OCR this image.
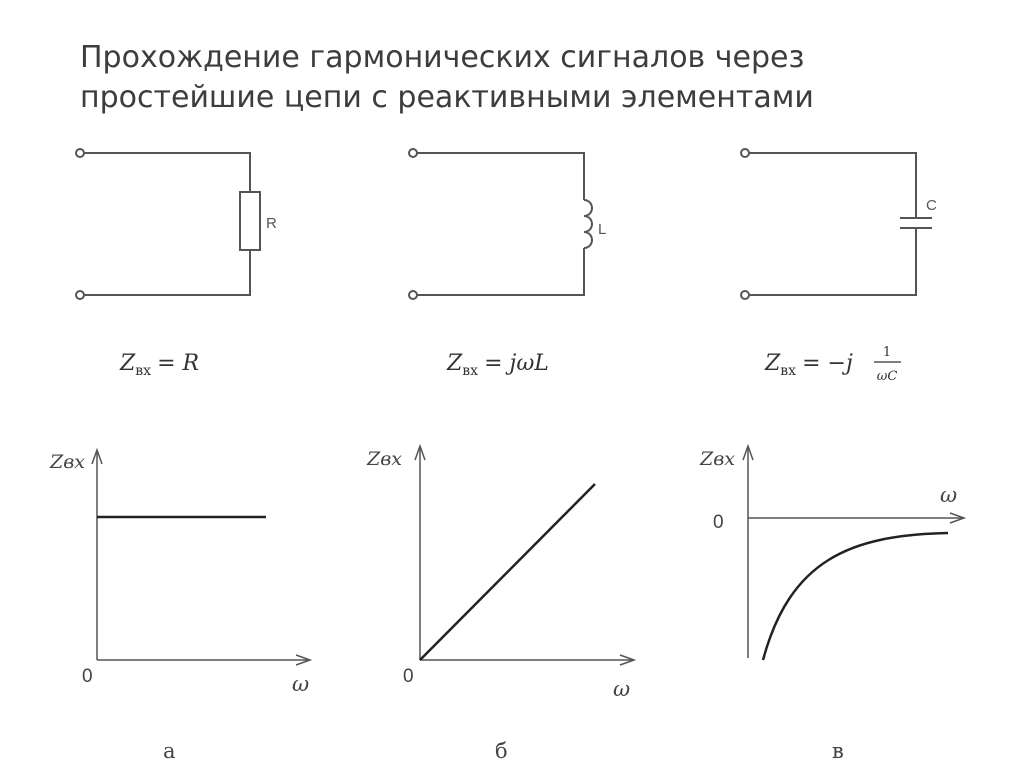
Прохождение гармонических сигналов через
простейшие цепи с реактивными элементами
R	L
C
$Z_{вх} = R$	$Z_{вх} = j\omega L$	$Z_{вх} = -j$ 1
ωC
Zвх
0	ω
а
Zвх
0
ω
б
Zвх
0
ω
в
